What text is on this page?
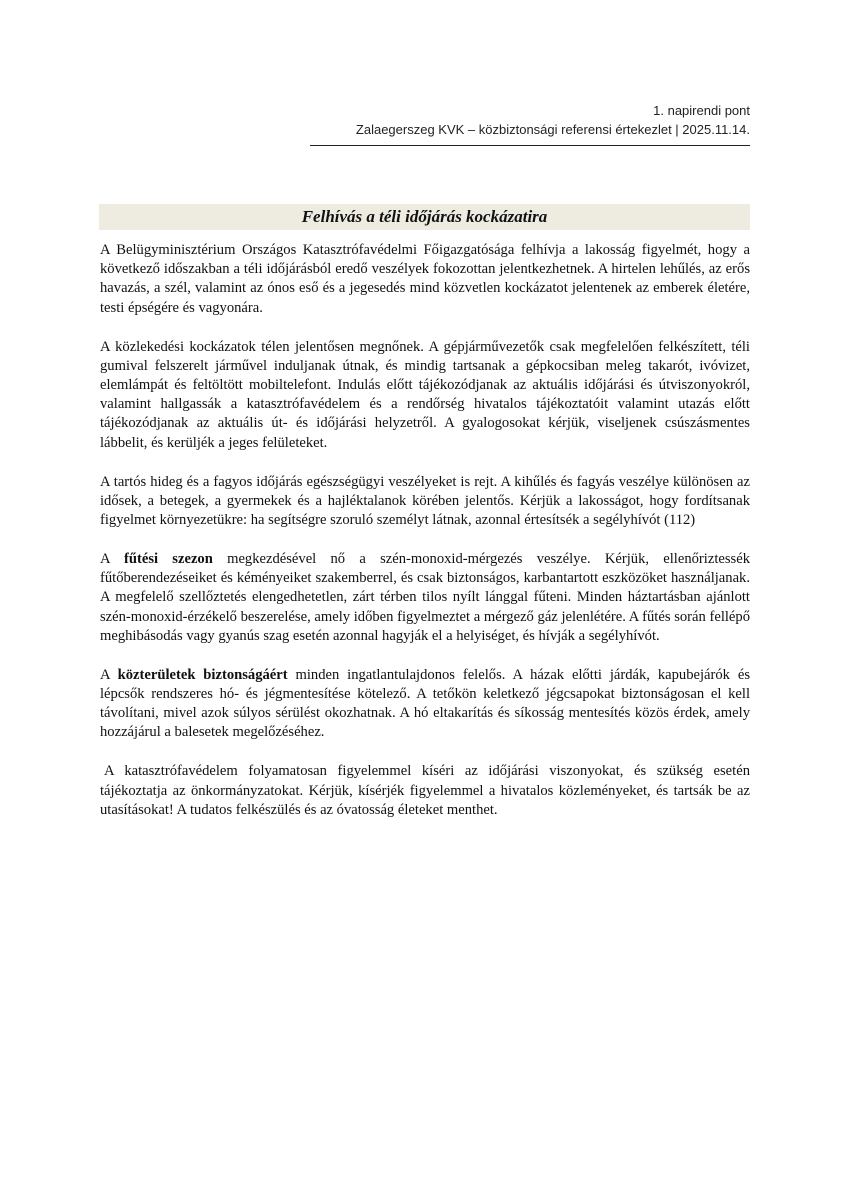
1. napirendi pont
Zalaegerszeg KVK – közbiztonsági referensi értekezlet | 2025.11.14.
Felhívás a téli időjárás kockázatira

A Belügyminisztérium Országos Katasztrófavédelmi Főigazgatósága felhívja a lakosság figyelmét, hogy a következő időszakban a téli időjárásból eredő veszélyek fokozottan jelentkezhetnek. A hirtelen lehűlés, az erős havazás, a szél, valamint az ónos eső és a jegesedés mind közvetlen kockázatot jelentenek az emberek életére, testi épségére és vagyonára.

A közlekedési kockázatok télen jelentősen megnőnek. A gépjárművezetők csak megfelelően felkészített, téli gumival felszerelt járművel induljanak útnak, és mindig tartsanak a gépkocsiban meleg takarót, ivóvizet, elemlámpát és feltöltött mobiltelefont. Indulás előtt tájékozódjanak az aktuális időjárási és útviszonyokról, valamint hallgassák a katasztrófavédelem és a rendőrség hivatalos tájékoztatóit valamint utazás előtt tájékozódjanak az aktuális út- és időjárási helyzetről. A gyalogosokat kérjük, viseljenek csúszásmentes lábbelit, és kerüljék a jeges felületeket.

A tartós hideg és a fagyos időjárás egészségügyi veszélyeket is rejt. A kihűlés és fagyás veszélye különösen az idősek, a betegek, a gyermekek és a hajléktalanok körében jelentős. Kérjük a lakosságot, hogy fordítsanak figyelmet környezetükre: ha segítségre szoruló személyt látnak, azonnal értesítsék a segélyhívót (112)

A fűtési szezon megkezdésével nő a szén-monoxid-mérgezés veszélye. Kérjük, ellenőriztessék fűtőberendezéseiket és kéményeiket szakemberrel, és csak biztonságos, karbantartott eszközöket használjanak. A megfelelő szellőztetés elengedhetetlen, zárt térben tilos nyílt lánggal fűteni. Minden háztartásban ajánlott szén-monoxid-érzékelő beszerelése, amely időben figyelmeztet a mérgező gáz jelenlétére. A fűtés során fellépő meghibásodás vagy gyanús szag esetén azonnal hagyják el a helyiséget, és hívják a segélyhívót.

A közterületek biztonságáért minden ingatlantulajdonos felelős. A házak előtti járdák, kapubejárók és lépcsők rendszeres hó- és jégmentesítése kötelező. A tetőkön keletkező jégcsapokat biztonságosan el kell távolítani, mivel azok súlyos sérülést okozhatnak. A hó eltakarítás és síkosság mentesítés közös érdek, amely hozzájárul a balesetek megelőzéséhez.

A katasztrófavédelem folyamatosan figyelemmel kíséri az időjárási viszonyokat, és szükség esetén tájékoztatja az önkormányzatokat. Kérjük, kísérjék figyelemmel a hivatalos közleményeket, és tartsák be az utasításokat! A tudatos felkészülés és az óvatosság életeket menthet.
